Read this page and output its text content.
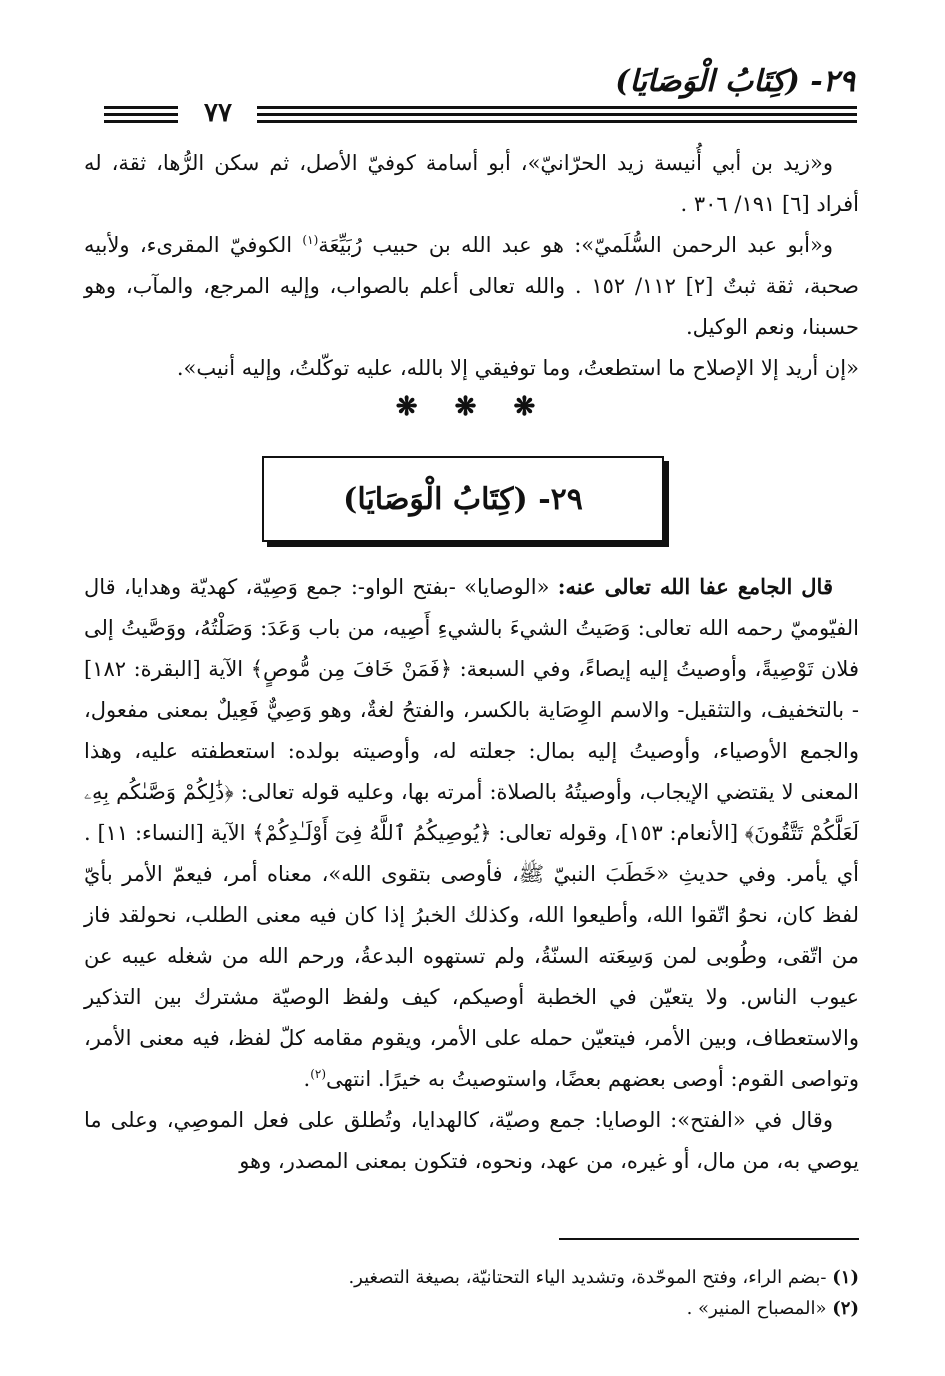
٢٩- (كِتَابُ الْوَصَايَا)
٧٧

و«زيد بن أبي أُنيسة زيد الحرّانيّ»، أبو أسامة كوفيّ الأصل، ثم سكن الرُّها، ثقة، له أفراد [٦] ١٩١/ ٣٠٦ .

و«أبو عبد الرحمن السُّلَميّ»: هو عبد الله بن حبيب رُبَيِّعَة$^{(١)}$ الكوفيّ المقرىء، ولأبيه صحبة، ثقة ثبتٌ [٢] ١١٢/ ١٥٢ . والله تعالى أعلم بالصواب، وإليه المرجع، والمآب، وهو حسبنا، ونعم الوكيل.

«إن أريد إلا الإصلاح ما استطعتُ، وما توفيقي إلا بالله، عليه توكّلتُ، وإليه أنيب».

❋ ❋ ❋
٢٩- (كِتَابُ الْوَصَايَا)

قال الجامع عفا الله تعالى عنه: «الوصايا» -بفتح الواو-: جمع وَصِيّة، كهديّة وهدايا، قال الفيّوميّ رحمه الله تعالى: وَصَيتُ الشيءَ بالشيءِ أَصِيه، من باب وَعَدَ: وَصَلْتُهُ، ووَصَّيتُ إلى فلان تَوْصِيةً، وأوصيتُ إليه إيصاءً، وفي السبعة: ﴿فَمَنْ خَافَ مِن مُّوصٍ﴾ الآية [البقرة: ١٨٢] - بالتخفيف، والتثقيل- والاسم الوِصَاية بالكسر، والفتحُ لغةٌ، وهو وَصِيٌّ فَعِيلٌ بمعنى مفعول، والجمع الأوصياء، وأوصيتُ إليه بمال: جعلته له، وأوصيته بولده: استعطفته عليه، وهذا المعنى لا يقتضي الإيجاب، وأوصيتُهُ بالصلاة: أمرته بها، وعليه قوله تعالى: ﴿ذَٰلِكُمْ وَصَّىٰكُم بِهِۦ لَعَلَّكُمْ تَتَّقُونَ﴾ [الأنعام: ١٥٣]، وقوله تعالى: ﴿يُوصِيكُمُ ٱللَّهُ فِىٓ أَوْلَـٰدِكُمْ﴾ الآية [النساء: ١١] . أي يأمر. وفي حديثِ «خَطَبَ النبيّ ﷺ، فأوصى بتقوى الله»، معناه أمر، فيعمّ الأمر بأيّ لفظ كان، نحوُ اتّقوا الله، وأطيعوا الله، وكذلك الخبرُ إذا كان فيه معنى الطلب، نحولقد فاز من اتّقى، وطُوبى لمن وَسِعَته السنّةُ، ولم تستهوه البدعةُ، ورحم الله من شغله عيبه عن عيوب الناس. ولا يتعيّن في الخطبة أوصيكم، كيف ولفظ الوصيّة مشترك بين التذكير والاستعطاف، وبين الأمر، فيتعيّن حمله على الأمر، ويقوم مقامه كلّ لفظ، فيه معنى الأمر، وتواصى القوم: أوصى بعضهم بعضًا، واستوصيتُ به خيرًا. انتهى$^{(٢)}$.

وقال في «الفتح»: الوصايا: جمع وصيّة، كالهدايا، وتُطلق على فعل الموصِي، وعلى ما يوصي به، من مال، أو غيره، من عهد، ونحوه، فتكون بمعنى المصدر، وهو

(١) -بضم الراء، وفتح الموحّدة، وتشديد الياء التحتانيّة، بصيغة التصغير.

(٢) «المصباح المنير» .
